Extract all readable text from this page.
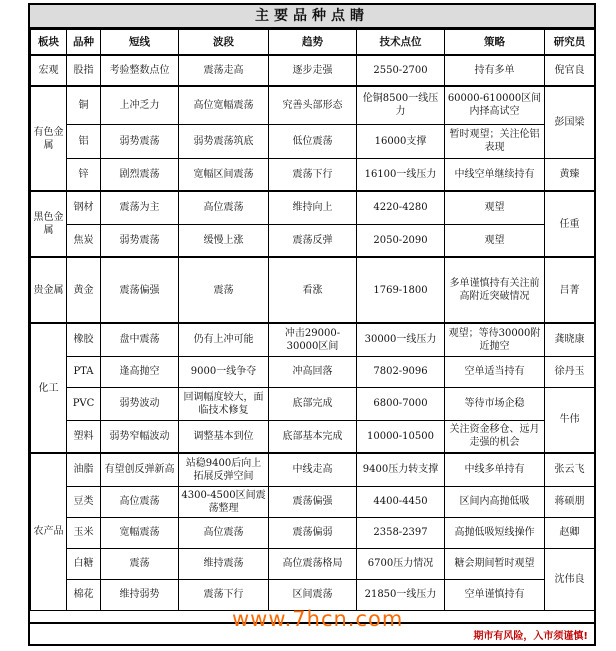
主要品种点睛
板块	品种	短线	波段	趋势	技术点位	策略	研究员
宏观	股指	考验整数点位	震荡走高	逐步走强	2550-2700	持有多单	倪官良
有色金属	铜	上冲乏力	高位宽幅震荡	究善头部形态	伦铜8500一线压力	60000-610000区间内择高试空	彭国梁
	铝	弱势震荡	弱势震荡筑底	低位震荡	16000支撑	暂时观望；关注伦铝表现	
	锌	剧烈震荡	宽幅区间震荡	震荡下行	16100一线压力	中线空单继续持有	黄臻
黑色金属	钢材	震荡为主	高位震荡	维持向上	4220-4280	观望	任重
	焦炭	弱势震荡	缓慢上涨	震荡反弹	2050-2090	观望	
贵金属	黄金	震荡偏强	震荡	看涨	1769-1800	多单谨慎持有关注前高附近突破情况	吕菁
化工	橡胶	盘中震荡	仍有上冲可能	冲击29000-30000区间	30000一线压力	观望；等待30000附近抛空	龚晓康
	PTA	逢高抛空	9000一线争夺	冲高回落	7802-9096	空单适当持有	徐丹玉
	PVC	弱势波动	回调幅度较大，面临技术修复	底部完成	6800-7000	等待市场企稳	牛伟
	塑料	弱势窄幅波动	调整基本到位	底部基本完成	10000-10500	关注资金移仓、远月走强的机会	
农产品	油脂	有望创反弹新高	站稳9400后向上拓展反弹空间	中线走高	9400压力转支撑	中线多单持有	张云飞
	豆类	高位震荡	4300-4500区间震荡整理	震荡偏强	4400-4450	区间内高抛低吸	蒋硕朋
	玉米	宽幅震荡	高位震荡	震荡偏弱	2358-2397	高抛低吸短线操作	赵卿
	白糖	震荡	维持震荡	高位震荡格局	6700压力情况	糖会期间暂时观望	沈伟良
	棉花	维持弱势	震荡下行	区间震荡	21850一线压力	空单谨慎持有	
期市有风险，入市须谨慎!
www.7hcn.com
